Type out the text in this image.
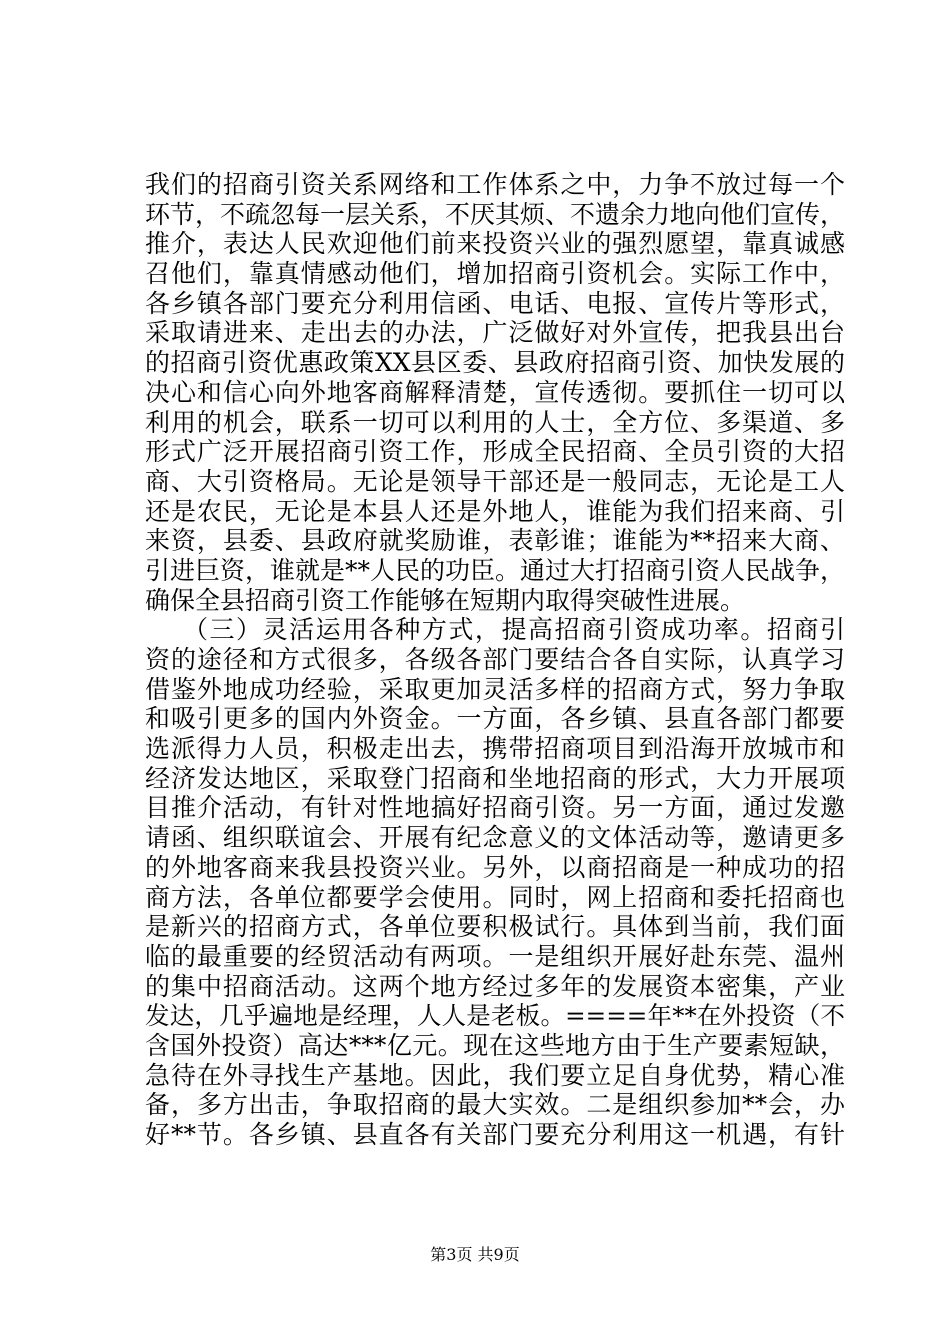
我们的招商引资关系网络和工作体系之中，力争不放过每一个
环节，不疏忽每一层关系，不厌其烦、不遗余力地向他们宣传，
推介，表达人民欢迎他们前来投资兴业的强烈愿望，靠真诚感
召他们，靠真情感动他们，增加招商引资机会。实际工作中，
各乡镇各部门要充分利用信函、电话、电报、宣传片等形式，
采取请进来、走出去的办法，广泛做好对外宣传，把我县出台
的招商引资优惠政策XX县区委、县政府招商引资、加快发展的
决心和信心向外地客商解释清楚，宣传透彻。要抓住一切可以
利用的机会，联系一切可以利用的人士，全方位、多渠道、多
形式广泛开展招商引资工作，形成全民招商、全员引资的大招
商、大引资格局。无论是领导干部还是一般同志，无论是工人
还是农民，无论是本县人还是外地人，谁能为我们招来商、引
来资，县委、县政府就奖励谁，表彰谁；谁能为**招来大商、
引进巨资，谁就是**人民的功臣。通过大打招商引资人民战争，
确保全县招商引资工作能够在短期内取得突破性进展。
（三）灵活运用各种方式，提高招商引资成功率。招商引
资的途径和方式很多，各级各部门要结合各自实际，认真学习
借鉴外地成功经验，采取更加灵活多样的招商方式，努力争取
和吸引更多的国内外资金。一方面，各乡镇、县直各部门都要
选派得力人员，积极走出去，携带招商项目到沿海开放城市和
经济发达地区，采取登门招商和坐地招商的形式，大力开展项
目推介活动，有针对性地搞好招商引资。另一方面，通过发邀
请函、组织联谊会、开展有纪念意义的文体活动等，邀请更多
的外地客商来我县投资兴业。另外，以商招商是一种成功的招
商方法，各单位都要学会使用。同时，网上招商和委托招商也
是新兴的招商方式，各单位要积极试行。具体到当前，我们面
临的最重要的经贸活动有两项。一是组织开展好赴东莞、温州
的集中招商活动。这两个地方经过多年的发展资本密集，产业
发达，几乎遍地是经理，人人是老板。====年**在外投资（不
含国外投资）高达***亿元。现在这些地方由于生产要素短缺，
急待在外寻找生产基地。因此，我们要立足自身优势，精心准
备，多方出击，争取招商的最大实效。二是组织参加**会，办
好**节。各乡镇、县直各有关部门要充分利用这一机遇，有针
第3页 共9页
